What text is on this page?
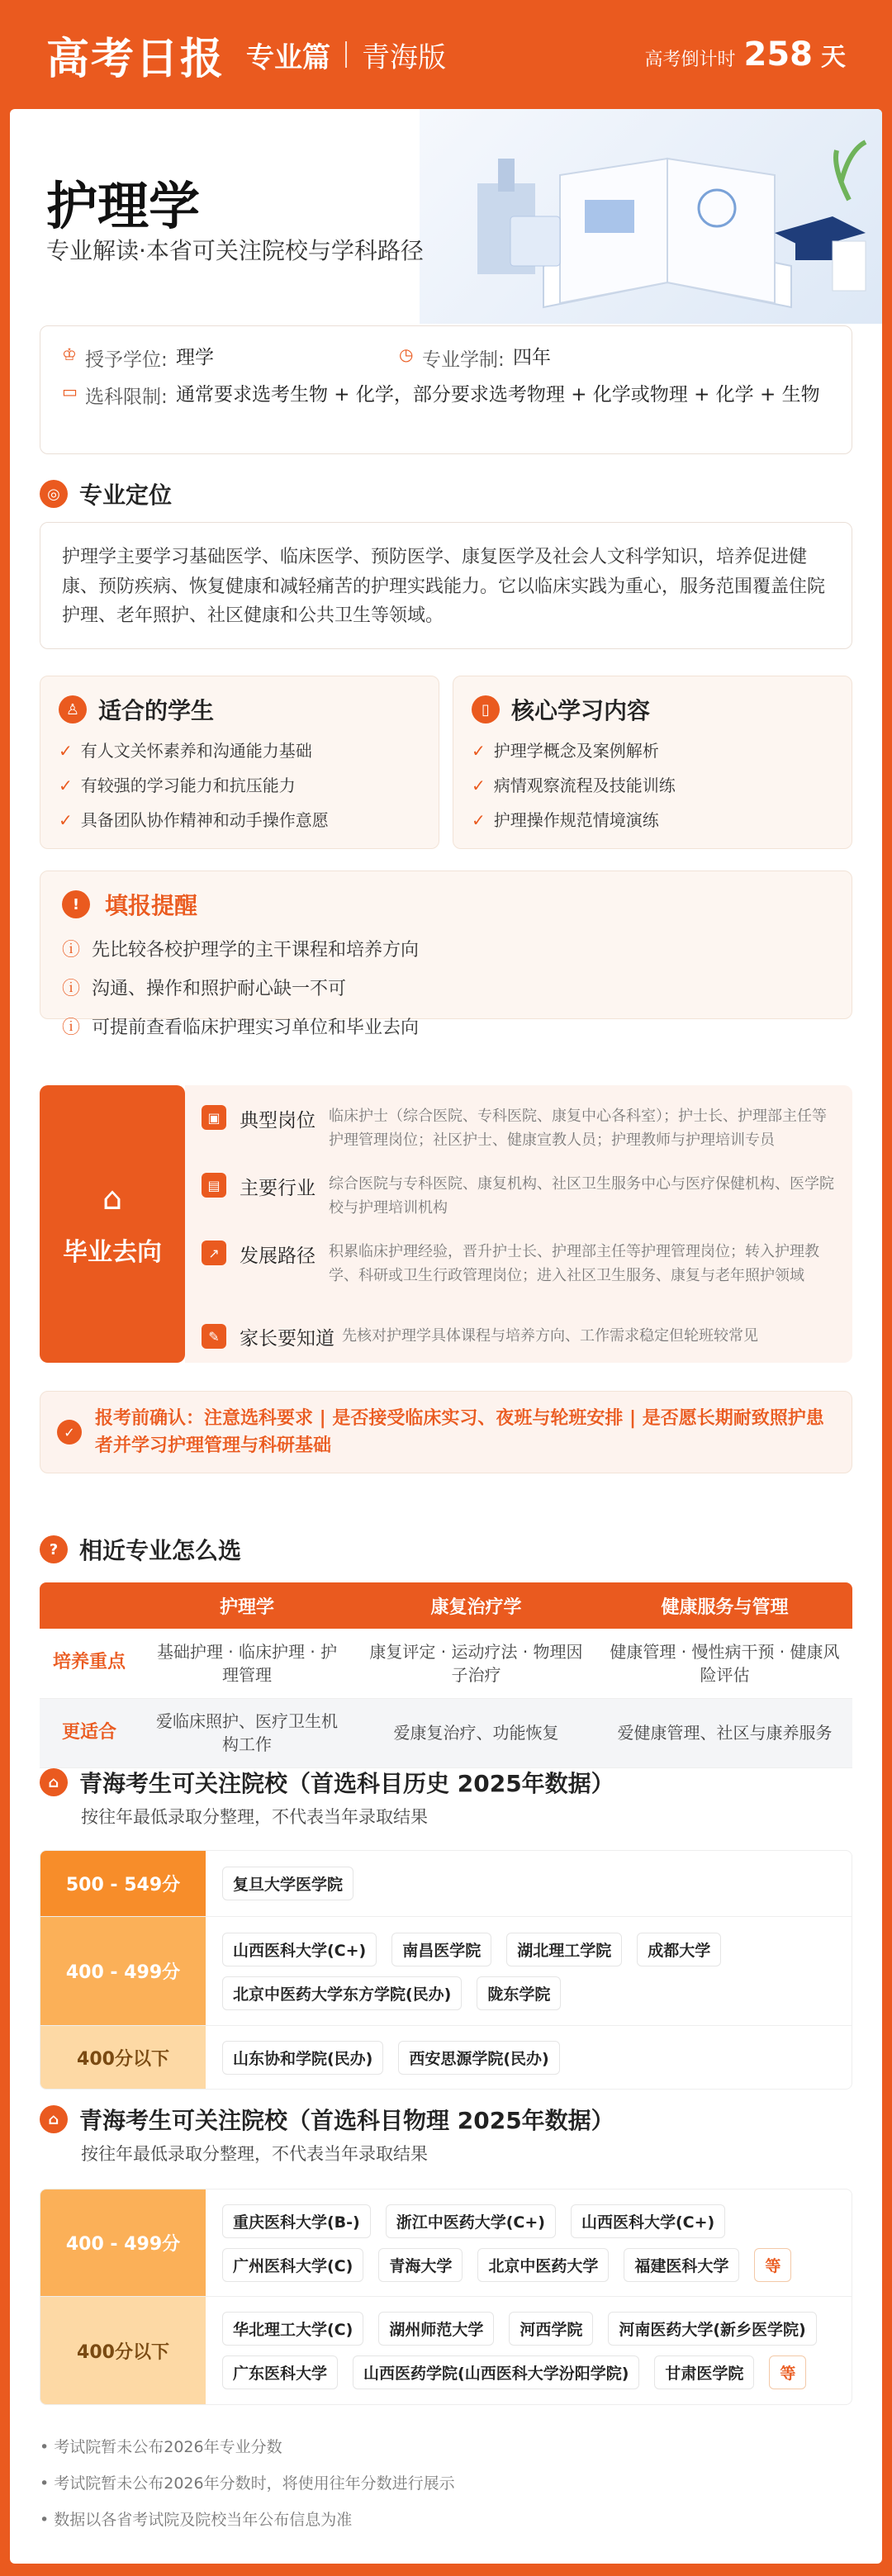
高考日报 专业篇 青海版	高考倒计时 258 天
护理学
专业解读·本省可关注院校与学科路径
♔ 授予学位: 理学	◷ 专业学制: 四年
▭ 选科限制: 通常要求选考生物 + 化学，部分要求选考物理 + 化学或物理 + 化学 + 生物
◎ 专业定位
护理学主要学习基础医学、临床医学、预防医学、康复医学及社会人文科学知识，培养促进健康、预防疾病、恢复健康和减轻痛苦的护理实践能力。它以临床实践为重心，服务范围覆盖住院护理、老年照护、社区健康和公共卫生等领域。
♙ 适合的学生
✓ 有人文关怀素养和沟通能力基础
✓ 有较强的学习能力和抗压能力
✓ 具备团队协作精神和动手操作意愿
▯ 核心学习内容
✓ 护理学概念及案例解析
✓ 病情观察流程及技能训练
✓ 护理操作规范情境演练
!	填报提醒
ⓘ 先比较各校护理学的主干课程和培养方向
ⓘ 沟通、操作和照护耐心缺一不可
ⓘ 可提前查看临床护理实习单位和毕业去向
⌂
毕业去向
▣	典型岗位 临床护士（综合医院、专科医院、康复中心各科室）；护士长、护理部主任等护理管理岗位；社区护士、健康宣教人员；护理教师与护理培训专员
▤	主要行业 综合医院与专科医院、康复机构、社区卫生服务中心与医疗保健机构、医学院校与护理培训机构
↗	发展路径 积累临床护理经验，晋升护士长、护理部主任等护理管理岗位；转入护理教学、科研或卫生行政管理岗位；进入社区卫生服务、康复与老年照护领域
✎	家长要知道 先核对护理学具体课程与培养方向、工作需求稳定但轮班较常见
✓
报考前确认：注意选科要求 | 是否接受临床实习、夜班与轮班安排 | 是否愿长期耐致照护患者并学习护理管理与科研基础
? 相近专业怎么选
	护理学	康复治疗学	健康服务与管理
培养重点	基础护理 · 临床护理 · 护理管理	康复评定 · 运动疗法 · 物理因子治疗	健康管理 · 慢性病干预 · 健康风险评估
更适合	爱临床照护、医疗卫生机构工作	爱康复治疗、功能恢复	爱健康管理、社区与康养服务
⌂ 青海考生可关注院校（首选科目历史 2025年数据）
按往年最低录取分整理，不代表当年录取结果
500 - 549分	复旦大学医学院
400 - 499分
山西医科大学(C+)	南昌医学院	湖北理工学院	成都大学
北京中医药大学东方学院(民办)	陇东学院
400分以下	山东协和学院(民办)	西安思源学院(民办)
⌂ 青海考生可关注院校（首选科目物理 2025年数据）
按往年最低录取分整理，不代表当年录取结果
400 - 499分
重庆医科大学(B-)	浙江中医药大学(C+)	山西医科大学(C+)
广州医科大学(C)	青海大学	北京中医药大学	福建医科大学	等
400分以下
华北理工大学(C)	湖州师范大学	河西学院	河南医药大学(新乡医学院)
广东医科大学	山西医药学院(山西医科大学汾阳学院)	甘肃医学院	等
• 考试院暂未公布2026年专业分数
• 考试院暂未公布2026年分数时，将使用往年分数进行展示
• 数据以各省考试院及院校当年公布信息为准
